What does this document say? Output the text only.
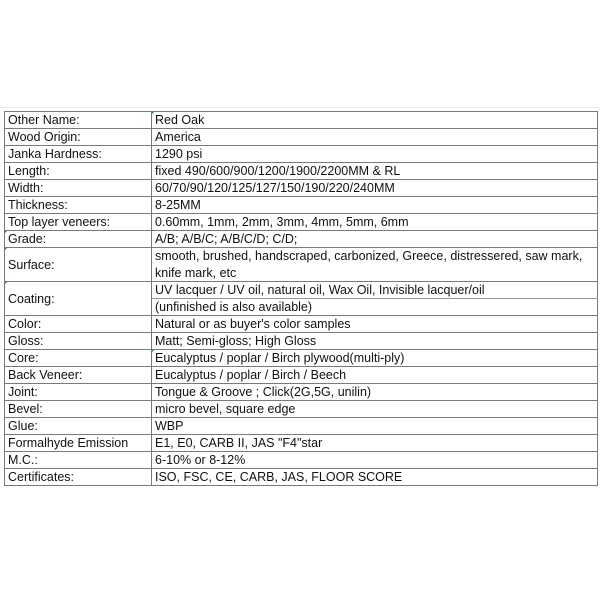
Other Name:	Red Oak
Wood Origin:	America
Janka Hardness:	1290 psi
Length:	fixed 490/600/900/1200/1900/2200MM & RL
Width:	60/70/90/120/125/127/150/190/220/240MM
Thickness:	8-25MM
Top layer veneers:	0.60mm, 1mm, 2mm, 3mm, 4mm, 5mm, 6mm
Grade:	A/B; A/B/C; A/B/C/D; C/D;
Surface:	smooth, brushed, handscraped, carbonized, Greece, distressered, saw mark, knife mark, etc
Coating:	UV lacquer / UV oil, natural oil, Wax Oil, Invisible lacquer/oil
	(unfinished is also available)
Color:	Natural or as buyer's color samples
Gloss:	Matt; Semi-gloss; High Gloss
Core:	Eucalyptus / poplar / Birch plywood(multi-ply)
Back Veneer:	Eucalyptus / poplar / Birch / Beech
Joint:	Tongue & Groove ; Click(2G,5G, unilin)
Bevel:	micro bevel, square edge
Glue:	WBP
Formalhyde Emission	E1, E0, CARB II, JAS "F4"star
M.C.:	6-10% or 8-12%
Certificates:	ISO, FSC, CE, CARB, JAS, FLOOR SCORE
